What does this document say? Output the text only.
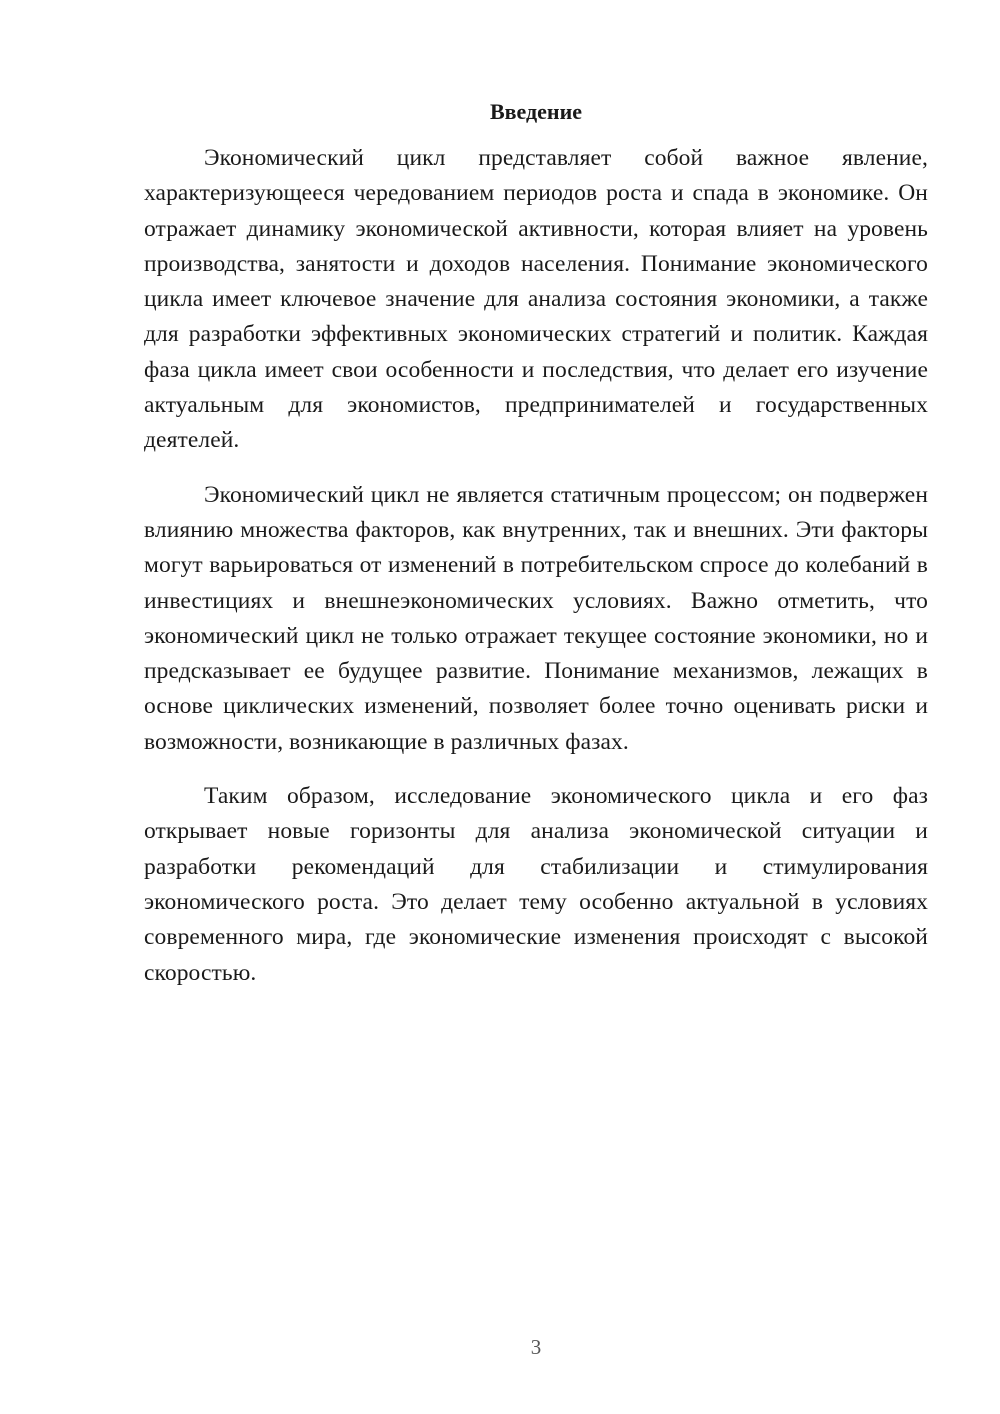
Введение

Экономический цикл представляет собой важное явление, характеризующееся чередованием периодов роста и спада в экономике. Он отражает динамику экономической активности, которая влияет на уровень производства, занятости и доходов населения. Понимание экономического цикла имеет ключевое значение для анализа состояния экономики, а также для разработки эффективных экономических стратегий и политик. Каждая фаза цикла имеет свои особенности и последствия, что делает его изучение актуальным для экономистов, предпринимателей и государственных деятелей.

Экономический цикл не является статичным процессом; он подвержен влиянию множества факторов, как внутренних, так и внешних. Эти факторы могут варьироваться от изменений в потребительском спросе до колебаний в инвестициях и внешнеэкономических условиях. Важно отметить, что экономический цикл не только отражает текущее состояние экономики, но и предсказывает ее будущее развитие. Понимание механизмов, лежащих в основе циклических изменений, позволяет более точно оценивать риски и возможности, возникающие в различных фазах.

Таким образом, исследование экономического цикла и его фаз открывает новые горизонты для анализа экономической ситуации и разработки рекомендаций для стабилизации и стимулирования экономического роста. Это делает тему особенно актуальной в условиях современного мира, где экономические изменения происходят с высокой скоростью.

3
